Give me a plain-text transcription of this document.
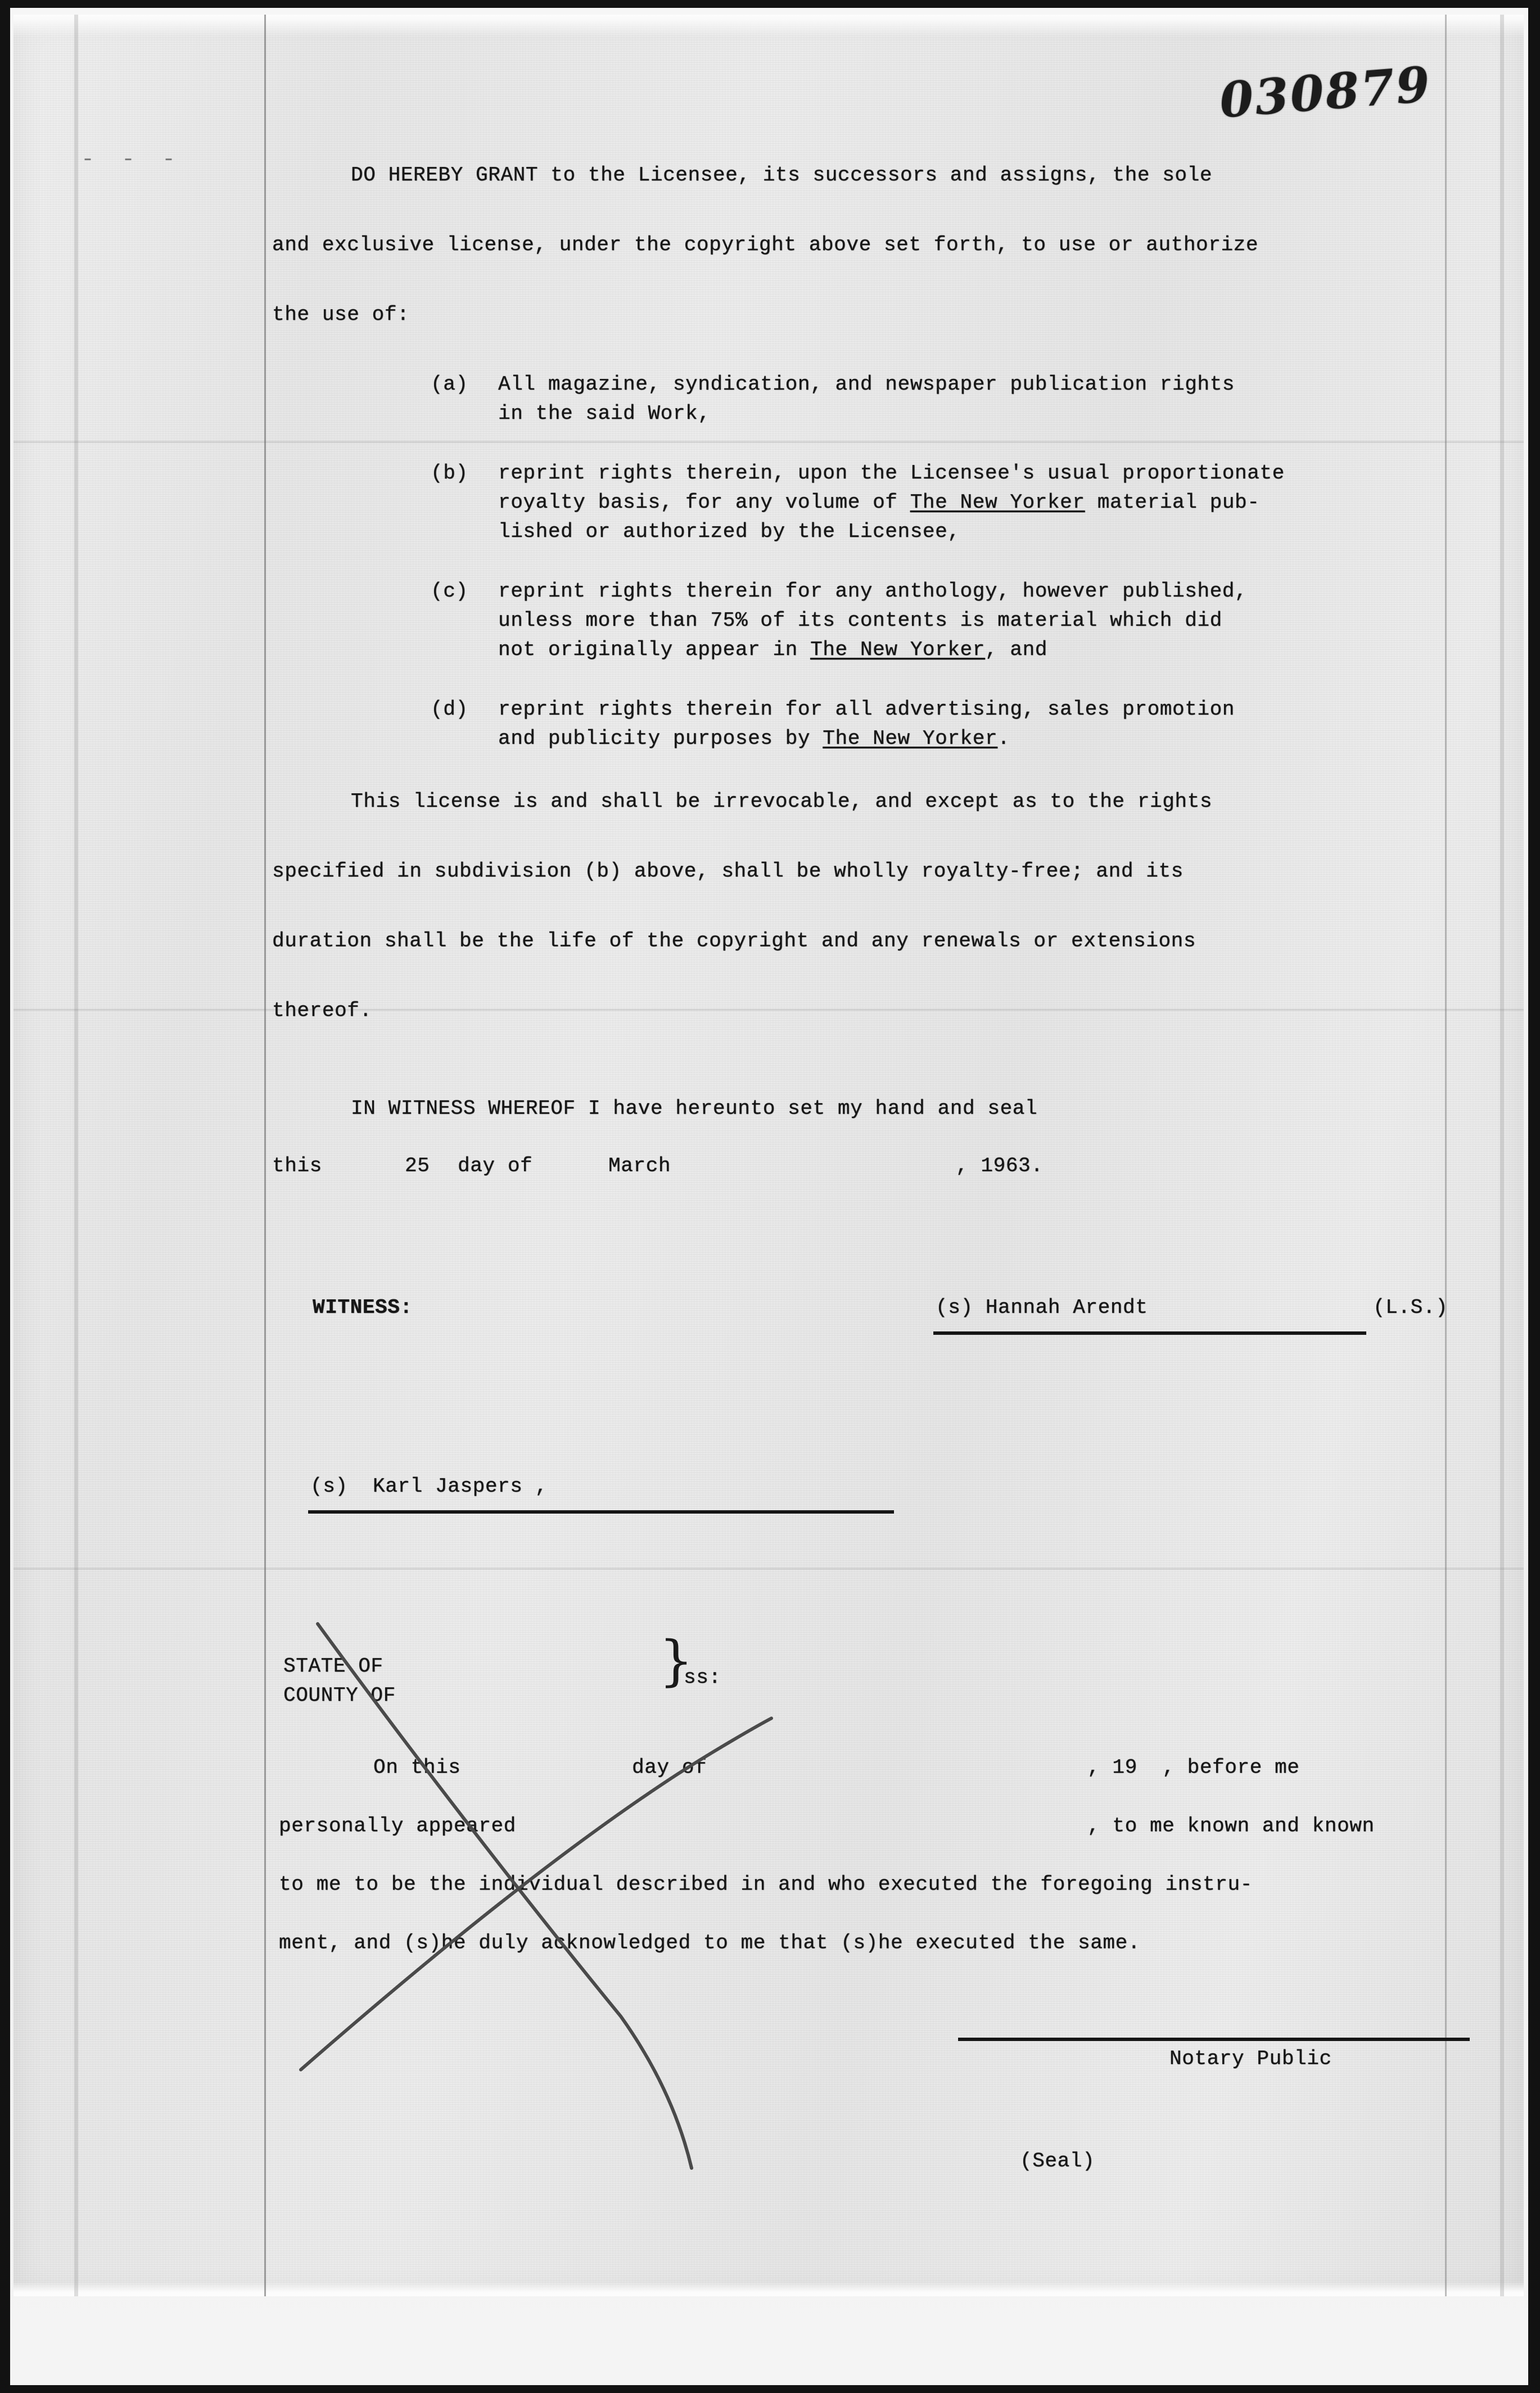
030879
- - -
DO HEREBY GRANT to the Licensee, its successors and assigns, the sole
and exclusive license, under the copyright above set forth, to use or authorize
the use of:
(a) All magazine, syndication, and newspaper publication rights
in the said Work,
(b) reprint rights therein, upon the Licensee's usual proportionate
royalty basis, for any volume of The New Yorker material pub-
lished or authorized by the Licensee,
(c) reprint rights therein for any anthology, however published,
unless more than 75% of its contents is material which did
not originally appear in The New Yorker, and
(d) reprint rights therein for all advertising, sales promotion
and publicity purposes by The New Yorker.
This license is and shall be irrevocable, and except as to the rights
specified in subdivision (b) above, shall be wholly royalty-free; and its
duration shall be the life of the copyright and any renewals or extensions
thereof.
IN WITNESS WHEREOF I have hereunto set my hand and seal
this	25 day of	March	, 1963.
WITNESS:	(s) Hannah Arendt	(L.S.)
(s)  Karl Jaspers ,
STATE OF
COUNTY OF
ss:
On this	day of	, 19  , before me
personally appeared	, to me known and known
to me to be the individual described in and who executed the foregoing instru-
ment, and (s)he duly acknowledged to me that (s)he executed the same.
Notary Public
(Seal)
}
